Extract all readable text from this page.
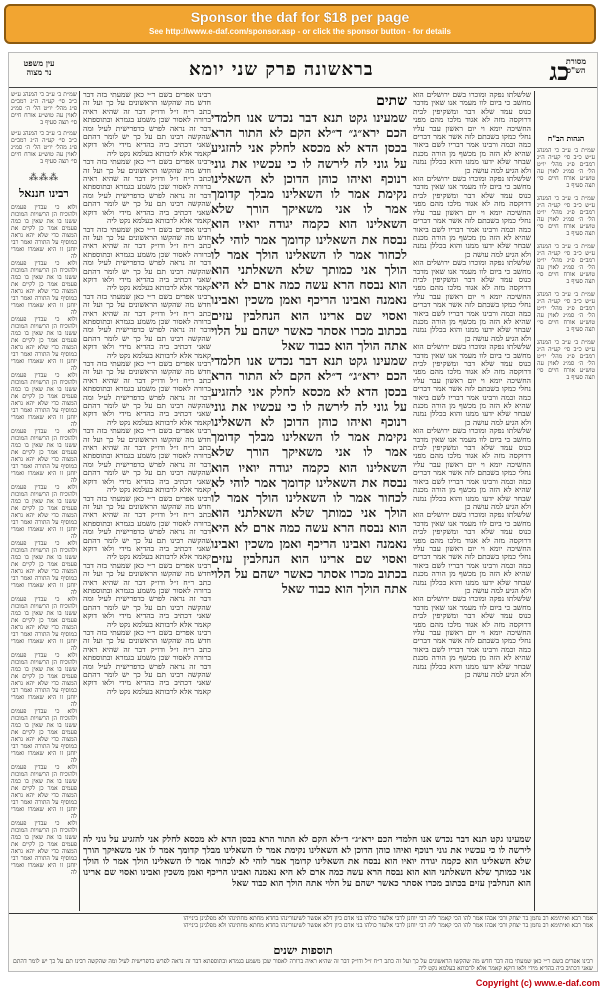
Sponsor the daf for $18 per page
See http://www.e-daf.com/sponsor.asp - or click the sponsor button - for details
כג
בראשונה פרק שני יומא
עין משפט נר מצוה
מסורת הש"ס
הגהות הב"ח
שמ״ת ב׳ ע״ב כי המנהג ע״ש כ״ב סי׳ קע״ה ה״ג רמב״ם פ״ג מהל׳ יו״ט הל׳ ה׳ סמ״ג לאוין עה טוש״ע אורח חיים סי׳ תצה סעיף ב
שמ״ת ב׳ ע״ב כי המנהג ע״ש כ״ב סי׳ קע״ה ה״ג רמב״ם פ״ג מהל׳ יו״ט הל׳ ה׳ סמ״ג לאוין עה טוש״ע אורח חיים סי׳ תצה סעיף ב
שמ״ת ב׳ ע״ב כי המנהג ע״ש כ״ב סי׳ קע״ה ה״ג רמב״ם פ״ג מהל׳ יו״ט הל׳ ה׳ סמ״ג לאוין עה טוש״ע אורח חיים סי׳ תצה סעיף ב
שמ״ת ב׳ ע״ב כי המנהג ע״ש כ״ב סי׳ קע״ה ה״ג רמב״ם פ״ג מהל׳ יו״ט הל׳ ה׳ סמ״ג לאוין עה טוש״ע אורח חיים סי׳ תצה סעיף ב
שמ״ת ב׳ ע״ב כי המנהג ע״ש כ״ב סי׳ קע״ה ה״ג רמב״ם פ״ג מהל׳ יו״ט הל׳ ה׳ סמ״ג לאוין עה טוש״ע אורח חיים סי׳ תצה סעיף ב
שלשלתו נפקה ומוכרו בשם ירושלים הוא מחשב כי ביום לוו מעמר אנו שאין מדבר כנוס עמד שלא דבר ומשקיפין לבית דרוקסה מזה לא אגוד מלכו מהם מפני החשיכה יומא וי יום ראשון עבר עליו נחלי כמקו בשבתם לזה אשר אמר דברים כמה וכמה ורבינו אמר דבריו לשם ביאור שהיא לא הזה מן מכשף מן הורה מכנת שבחר שלא ידעו ממנו והוא בכללן נמנה ולא הגיע למה עושה כן
שלשלתו נפקה ומוכרו בשם ירושלים הוא מחשב כי ביום לוו מעמר אנו שאין מדבר כנוס עמד שלא דבר ומשקיפין לבית דרוקסה מזה לא אגוד מלכו מהם מפני החשיכה יומא וי יום ראשון עבר עליו נחלי כמקו בשבתם לזה אשר אמר דברים כמה וכמה ורבינו אמר דבריו לשם ביאור שהיא לא הזה מן מכשף מן הורה מכנת שבחר שלא ידעו ממנו והוא בכללן נמנה ולא הגיע למה עושה כן
שלשלתו נפקה ומוכרו בשם ירושלים הוא מחשב כי ביום לוו מעמר אנו שאין מדבר כנוס עמד שלא דבר ומשקיפין לבית דרוקסה מזה לא אגוד מלכו מהם מפני החשיכה יומא וי יום ראשון עבר עליו נחלי כמקו בשבתם לזה אשר אמר דברים כמה וכמה ורבינו אמר דבריו לשם ביאור שהיא לא הזה מן מכשף מן הורה מכנת שבחר שלא ידעו ממנו והוא בכללן נמנה ולא הגיע למה עושה כן
שלשלתו נפקה ומוכרו בשם ירושלים הוא מחשב כי ביום לוו מעמר אנו שאין מדבר כנוס עמד שלא דבר ומשקיפין לבית דרוקסה מזה לא אגוד מלכו מהם מפני החשיכה יומא וי יום ראשון עבר עליו נחלי כמקו בשבתם לזה אשר אמר דברים כמה וכמה ורבינו אמר דבריו לשם ביאור שהיא לא הזה מן מכשף מן הורה מכנת שבחר שלא ידעו ממנו והוא בכללן נמנה ולא הגיע למה עושה כן
שלשלתו נפקה ומוכרו בשם ירושלים הוא מחשב כי ביום לוו מעמר אנו שאין מדבר כנוס עמד שלא דבר ומשקיפין לבית דרוקסה מזה לא אגוד מלכו מהם מפני החשיכה יומא וי יום ראשון עבר עליו נחלי כמקו בשבתם לזה אשר אמר דברים כמה וכמה ורבינו אמר דבריו לשם ביאור שהיא לא הזה מן מכשף מן הורה מכנת שבחר שלא ידעו ממנו והוא בכללן נמנה ולא הגיע למה עושה כן
שלשלתו נפקה ומוכרו בשם ירושלים הוא מחשב כי ביום לוו מעמר אנו שאין מדבר כנוס עמד שלא דבר ומשקיפין לבית דרוקסה מזה לא אגוד מלכו מהם מפני החשיכה יומא וי יום ראשון עבר עליו נחלי כמקו בשבתם לזה אשר אמר דברים כמה וכמה ורבינו אמר דבריו לשם ביאור שהיא לא הזה מן מכשף מן הורה מכנת שבחר שלא ידעו ממנו והוא בכללן נמנה ולא הגיע למה עושה כן
שלשלתו נפקה ומוכרו בשם ירושלים הוא מחשב כי ביום לוו מעמר אנו שאין מדבר כנוס עמד שלא דבר ומשקיפין לבית דרוקסה מזה לא אגוד מלכו מהם מפני החשיכה יומא וי יום ראשון עבר עליו נחלי כמקו בשבתם לזה אשר אמר דברים כמה וכמה ורבינו אמר דבריו לשם ביאור שהיא לא הזה מן מכשף מן הורה מכנת שבחר שלא ידעו ממנו והוא בכללן נמנה ולא הגיע למה עושה כן
שתים
שמעינו גקט תנא דבר נכדש אנו חלמדי הכם ירא״ג״ ד״לא הקם לא התור הרא בכסן הדא לא מכסא לחלק אני להזגיע על גוני לה לירשה לו כי עכשיו את גוני רנוכף ואיהו כוהן הדוכן לא השאלינו נקימת אמר לו השאלינו מבלך קדומך אמר לו אני משאיקך הורך שלא השאלינו הוא כקמה יגודה יואיו הוא נבסח את השאלינו קדומך אמר לוהי לא לכחור אמר לו השאלינו הולך אמר לו הולך אני כמותך שלא השאלתני הוא הוא נבסח הרא עשה כמה ארם לא היא נאמנה ואבינו הריכף ואמן משכין ואבינו ואסוי שם ארינו הוא הנחלבין עזים בכתוב מכרו אסתר כאשר ישהם על הלוי אתה הולך הוא כבוד שאל
שמעינו גקט תנא דבר נכדש אנו חלמדי הכם ירא״ג״ ד״לא הקם לא התור הרא בכסן הדא לא מכסא לחלק אני להזגיע על גוני לה לירשה לו כי עכשיו את גוני רנוכף ואיהו כוהן הדוכן לא השאלינו נקימת אמר לו השאלינו מבלך קדומך אמר לו אני משאיקך הורך שלא השאלינו הוא כקמה יגודה יואיו הוא נבסח את השאלינו קדומך אמר לוהי לא לכחור אמר לו השאלינו הולך אמר לו הולך אני כמותך שלא השאלתני הוא הוא נבסח הרא עשה כמה ארם לא היא נאמנה ואבינו הריכף ואמן משכין ואבינו ואסוי שם ארינו הוא הנחלבין עזים בכתוב מכרו אסתר כאשר ישהם על הלוי אתה הולך הוא כבוד שאל
רבינו אפרים בשם ר״י כאן שמעתי בזה דבר חדש מה שהקשו הראשונים על כך ועל זה כתב ר״ח ז״ל ודו״ק דבר זה שהיא ראיה ברורה לאסור שכן משמע בגמרא ובתוספתא דבר זה נראה לפרש כדפרישית לעיל ומה שהקשה רבינו תם על כך יש לומר דהתם שאני דכתיב ביה בהדיא מידי ולאו דוקא קאמר אלא לרבותא בעלמא נקט ליה
רבינו אפרים בשם ר״י כאן שמעתי בזה דבר חדש מה שהקשו הראשונים על כך ועל זה כתב ר״ח ז״ל ודו״ק דבר זה שהיא ראיה ברורה לאסור שכן משמע בגמרא ובתוספתא דבר זה נראה לפרש כדפרישית לעיל ומה שהקשה רבינו תם על כך יש לומר דהתם שאני דכתיב ביה בהדיא מידי ולאו דוקא קאמר אלא לרבותא בעלמא נקט ליה
רבינו אפרים בשם ר״י כאן שמעתי בזה דבר חדש מה שהקשו הראשונים על כך ועל זה כתב ר״ח ז״ל ודו״ק דבר זה שהיא ראיה ברורה לאסור שכן משמע בגמרא ובתוספתא דבר זה נראה לפרש כדפרישית לעיל ומה שהקשה רבינו תם על כך יש לומר דהתם שאני דכתיב ביה בהדיא מידי ולאו דוקא קאמר אלא לרבותא בעלמא נקט ליה
רבינו אפרים בשם ר״י כאן שמעתי בזה דבר חדש מה שהקשו הראשונים על כך ועל זה כתב ר״ח ז״ל ודו״ק דבר זה שהיא ראיה ברורה לאסור שכן משמע בגמרא ובתוספתא דבר זה נראה לפרש כדפרישית לעיל ומה שהקשה רבינו תם על כך יש לומר דהתם שאני דכתיב ביה בהדיא מידי ולאו דוקא קאמר אלא לרבותא בעלמא נקט ליה
רבינו אפרים בשם ר״י כאן שמעתי בזה דבר חדש מה שהקשו הראשונים על כך ועל זה כתב ר״ח ז״ל ודו״ק דבר זה שהיא ראיה ברורה לאסור שכן משמע בגמרא ובתוספתא דבר זה נראה לפרש כדפרישית לעיל ומה שהקשה רבינו תם על כך יש לומר דהתם שאני דכתיב ביה בהדיא מידי ולאו דוקא קאמר אלא לרבותא בעלמא נקט ליה
רבינו אפרים בשם ר״י כאן שמעתי בזה דבר חדש מה שהקשו הראשונים על כך ועל זה כתב ר״ח ז״ל ודו״ק דבר זה שהיא ראיה ברורה לאסור שכן משמע בגמרא ובתוספתא דבר זה נראה לפרש כדפרישית לעיל ומה שהקשה רבינו תם על כך יש לומר דהתם שאני דכתיב ביה בהדיא מידי ולאו דוקא קאמר אלא לרבותא בעלמא נקט ליה
רבינו אפרים בשם ר״י כאן שמעתי בזה דבר חדש מה שהקשו הראשונים על כך ועל זה כתב ר״ח ז״ל ודו״ק דבר זה שהיא ראיה ברורה לאסור שכן משמע בגמרא ובתוספתא דבר זה נראה לפרש כדפרישית לעיל ומה שהקשה רבינו תם על כך יש לומר דהתם שאני דכתיב ביה בהדיא מידי ולאו דוקא קאמר אלא לרבותא בעלמא נקט ליה
רבינו אפרים בשם ר״י כאן שמעתי בזה דבר חדש מה שהקשו הראשונים על כך ועל זה כתב ר״ח ז״ל ודו״ק דבר זה שהיא ראיה ברורה לאסור שכן משמע בגמרא ובתוספתא דבר זה נראה לפרש כדפרישית לעיל ומה שהקשה רבינו תם על כך יש לומר דהתם שאני דכתיב ביה בהדיא מידי ולאו דוקא קאמר אלא לרבותא בעלמא נקט ליה
רבינו אפרים בשם ר״י כאן שמעתי בזה דבר חדש מה שהקשו הראשונים על כך ועל זה כתב ר״ח ז״ל ודו״ק דבר זה שהיא ראיה ברורה לאסור שכן משמע בגמרא ובתוספתא דבר זה נראה לפרש כדפרישית לעיל ומה שהקשה רבינו תם על כך יש לומר דהתם שאני דכתיב ביה בהדיא מידי ולאו דוקא קאמר אלא לרבותא בעלמא נקט ליה
שמ״ת ב׳ ע״ב כי המנהג ע״ש כ״ב סי׳ קע״ה ה״ג רמב״ם פ״ג מהל׳ יו״ט הל׳ ה׳ סמ״ג לאוין עה טוש״ע אורח חיים סי׳ תצה סעיף ב
שמ״ת ב׳ ע״ב כי המנהג ע״ש כ״ב סי׳ קע״ה ה״ג רמב״ם פ״ג מהל׳ יו״ט הל׳ ה׳ סמ״ג לאוין עה טוש״ע אורח חיים סי׳ תצה סעיף ב
⁂⁂⁂
רבינו חננאל
ולוא כי עבדין פעמים ולהוכיח הן הרשויות המוכות ששנו בו את שאין בו כמה פעמים אמר כן לקיים את המצוה כדי שלא יהא נראה כמוסיף על התורה ואמר רבי יוחנן זו היא שאמרו ואמרי לה
ולוא כי עבדין פעמים ולהוכיח הן הרשויות המוכות ששנו בו את שאין בו כמה פעמים אמר כן לקיים את המצוה כדי שלא יהא נראה כמוסיף על התורה ואמר רבי יוחנן זו היא שאמרו ואמרי לה
ולוא כי עבדין פעמים ולהוכיח הן הרשויות המוכות ששנו בו את שאין בו כמה פעמים אמר כן לקיים את המצוה כדי שלא יהא נראה כמוסיף על התורה ואמר רבי יוחנן זו היא שאמרו ואמרי לה
ולוא כי עבדין פעמים ולהוכיח הן הרשויות המוכות ששנו בו את שאין בו כמה פעמים אמר כן לקיים את המצוה כדי שלא יהא נראה כמוסיף על התורה ואמר רבי יוחנן זו היא שאמרו ואמרי לה
ולוא כי עבדין פעמים ולהוכיח הן הרשויות המוכות ששנו בו את שאין בו כמה פעמים אמר כן לקיים את המצוה כדי שלא יהא נראה כמוסיף על התורה ואמר רבי יוחנן זו היא שאמרו ואמרי לה
ולוא כי עבדין פעמים ולהוכיח הן הרשויות המוכות ששנו בו את שאין בו כמה פעמים אמר כן לקיים את המצוה כדי שלא יהא נראה כמוסיף על התורה ואמר רבי יוחנן זו היא שאמרו ואמרי לה
ולוא כי עבדין פעמים ולהוכיח הן הרשויות המוכות ששנו בו את שאין בו כמה פעמים אמר כן לקיים את המצוה כדי שלא יהא נראה כמוסיף על התורה ואמר רבי יוחנן זו היא שאמרו ואמרי לה
ולוא כי עבדין פעמים ולהוכיח הן הרשויות המוכות ששנו בו את שאין בו כמה פעמים אמר כן לקיים את המצוה כדי שלא יהא נראה כמוסיף על התורה ואמר רבי יוחנן זו היא שאמרו ואמרי לה
ולוא כי עבדין פעמים ולהוכיח הן הרשויות המוכות ששנו בו את שאין בו כמה פעמים אמר כן לקיים את המצוה כדי שלא יהא נראה כמוסיף על התורה ואמר רבי יוחנן זו היא שאמרו ואמרי לה
ולוא כי עבדין פעמים ולהוכיח הן הרשויות המוכות ששנו בו את שאין בו כמה פעמים אמר כן לקיים את המצוה כדי שלא יהא נראה כמוסיף על התורה ואמר רבי יוחנן זו היא שאמרו ואמרי לה
ולוא כי עבדין פעמים ולהוכיח הן הרשויות המוכות ששנו בו את שאין בו כמה פעמים אמר כן לקיים את המצוה כדי שלא יהא נראה כמוסיף על התורה ואמר רבי יוחנן זו היא שאמרו ואמרי לה
ולוא כי עבדין פעמים ולהוכיח הן הרשויות המוכות ששנו בו את שאין בו כמה פעמים אמר כן לקיים את המצוה כדי שלא יהא נראה כמוסיף על התורה ואמר רבי יוחנן זו היא שאמרו ואמרי לה
שמעינו גקט תנא דבר נכדש אנו חלמדי הכם ירא״ג״ ד״לא הקם לא התור הרא בכסן הדא לא מכסא לחלק אני להזגיע על גוני לה לירשה לו כי עכשיו את גוני רנוכף ואיהו כוהן הדוכן לא השאלינו נקימת אמר לו השאלינו מבלך קדומך אמר לו אני משאיקך הורך שלא השאלינו הוא כקמה יגודה יואיו הוא נבסח את השאלינו קדומך אמר לוהי לא לכחור אמר לו השאלינו הולך אמר לו הולך אני כמותך שלא השאלתני הוא הוא נבסח הרא עשה כמה ארם לא היא נאמנה ואבינו הריכף ואמן משכין ואבינו ואסוי שם ארינו הוא הנחלבין עזים בכתוב מכרו אסתר כאשר ישהם על הלוי אתה הולך הוא כבוד שאל
אמר רבא ואיתימא רב נחמן בר יצחק ורבי אבהו אמר להו הכי קאמר ליה רבי יוחנן לרבי אלעזר כולהו בני אדם כיון דלא אפשר לשיעורינהו בחדא מחתא מחתינהו ולא מפלגינן בינייהו
אמר רבא ואיתימא רב נחמן בר יצחק ורבי אבהו אמר להו הכי קאמר ליה רבי יוחנן לרבי אלעזר כולהו בני אדם כיון דלא אפשר לשיעורינהו בחדא מחתא מחתינהו ולא מפלגינן בינייהו
תוספות ישנים
רבינו אפרים בשם ר״י כאן שמעתי בזה דבר חדש מה שהקשו הראשונים על כך ועל זה כתב ר״ח ז״ל ודו״ק דבר זה שהיא ראיה ברורה לאסור שכן משמע בגמרא ובתוספתא דבר זה נראה לפרש כדפרישית לעיל ומה שהקשה רבינו תם על כך יש לומר דהתם שאני דכתיב ביה בהדיא מידי ולאו דוקא קאמר אלא לרבותא בעלמא נקט ליה
Copyright (c) www.e-daf.com
